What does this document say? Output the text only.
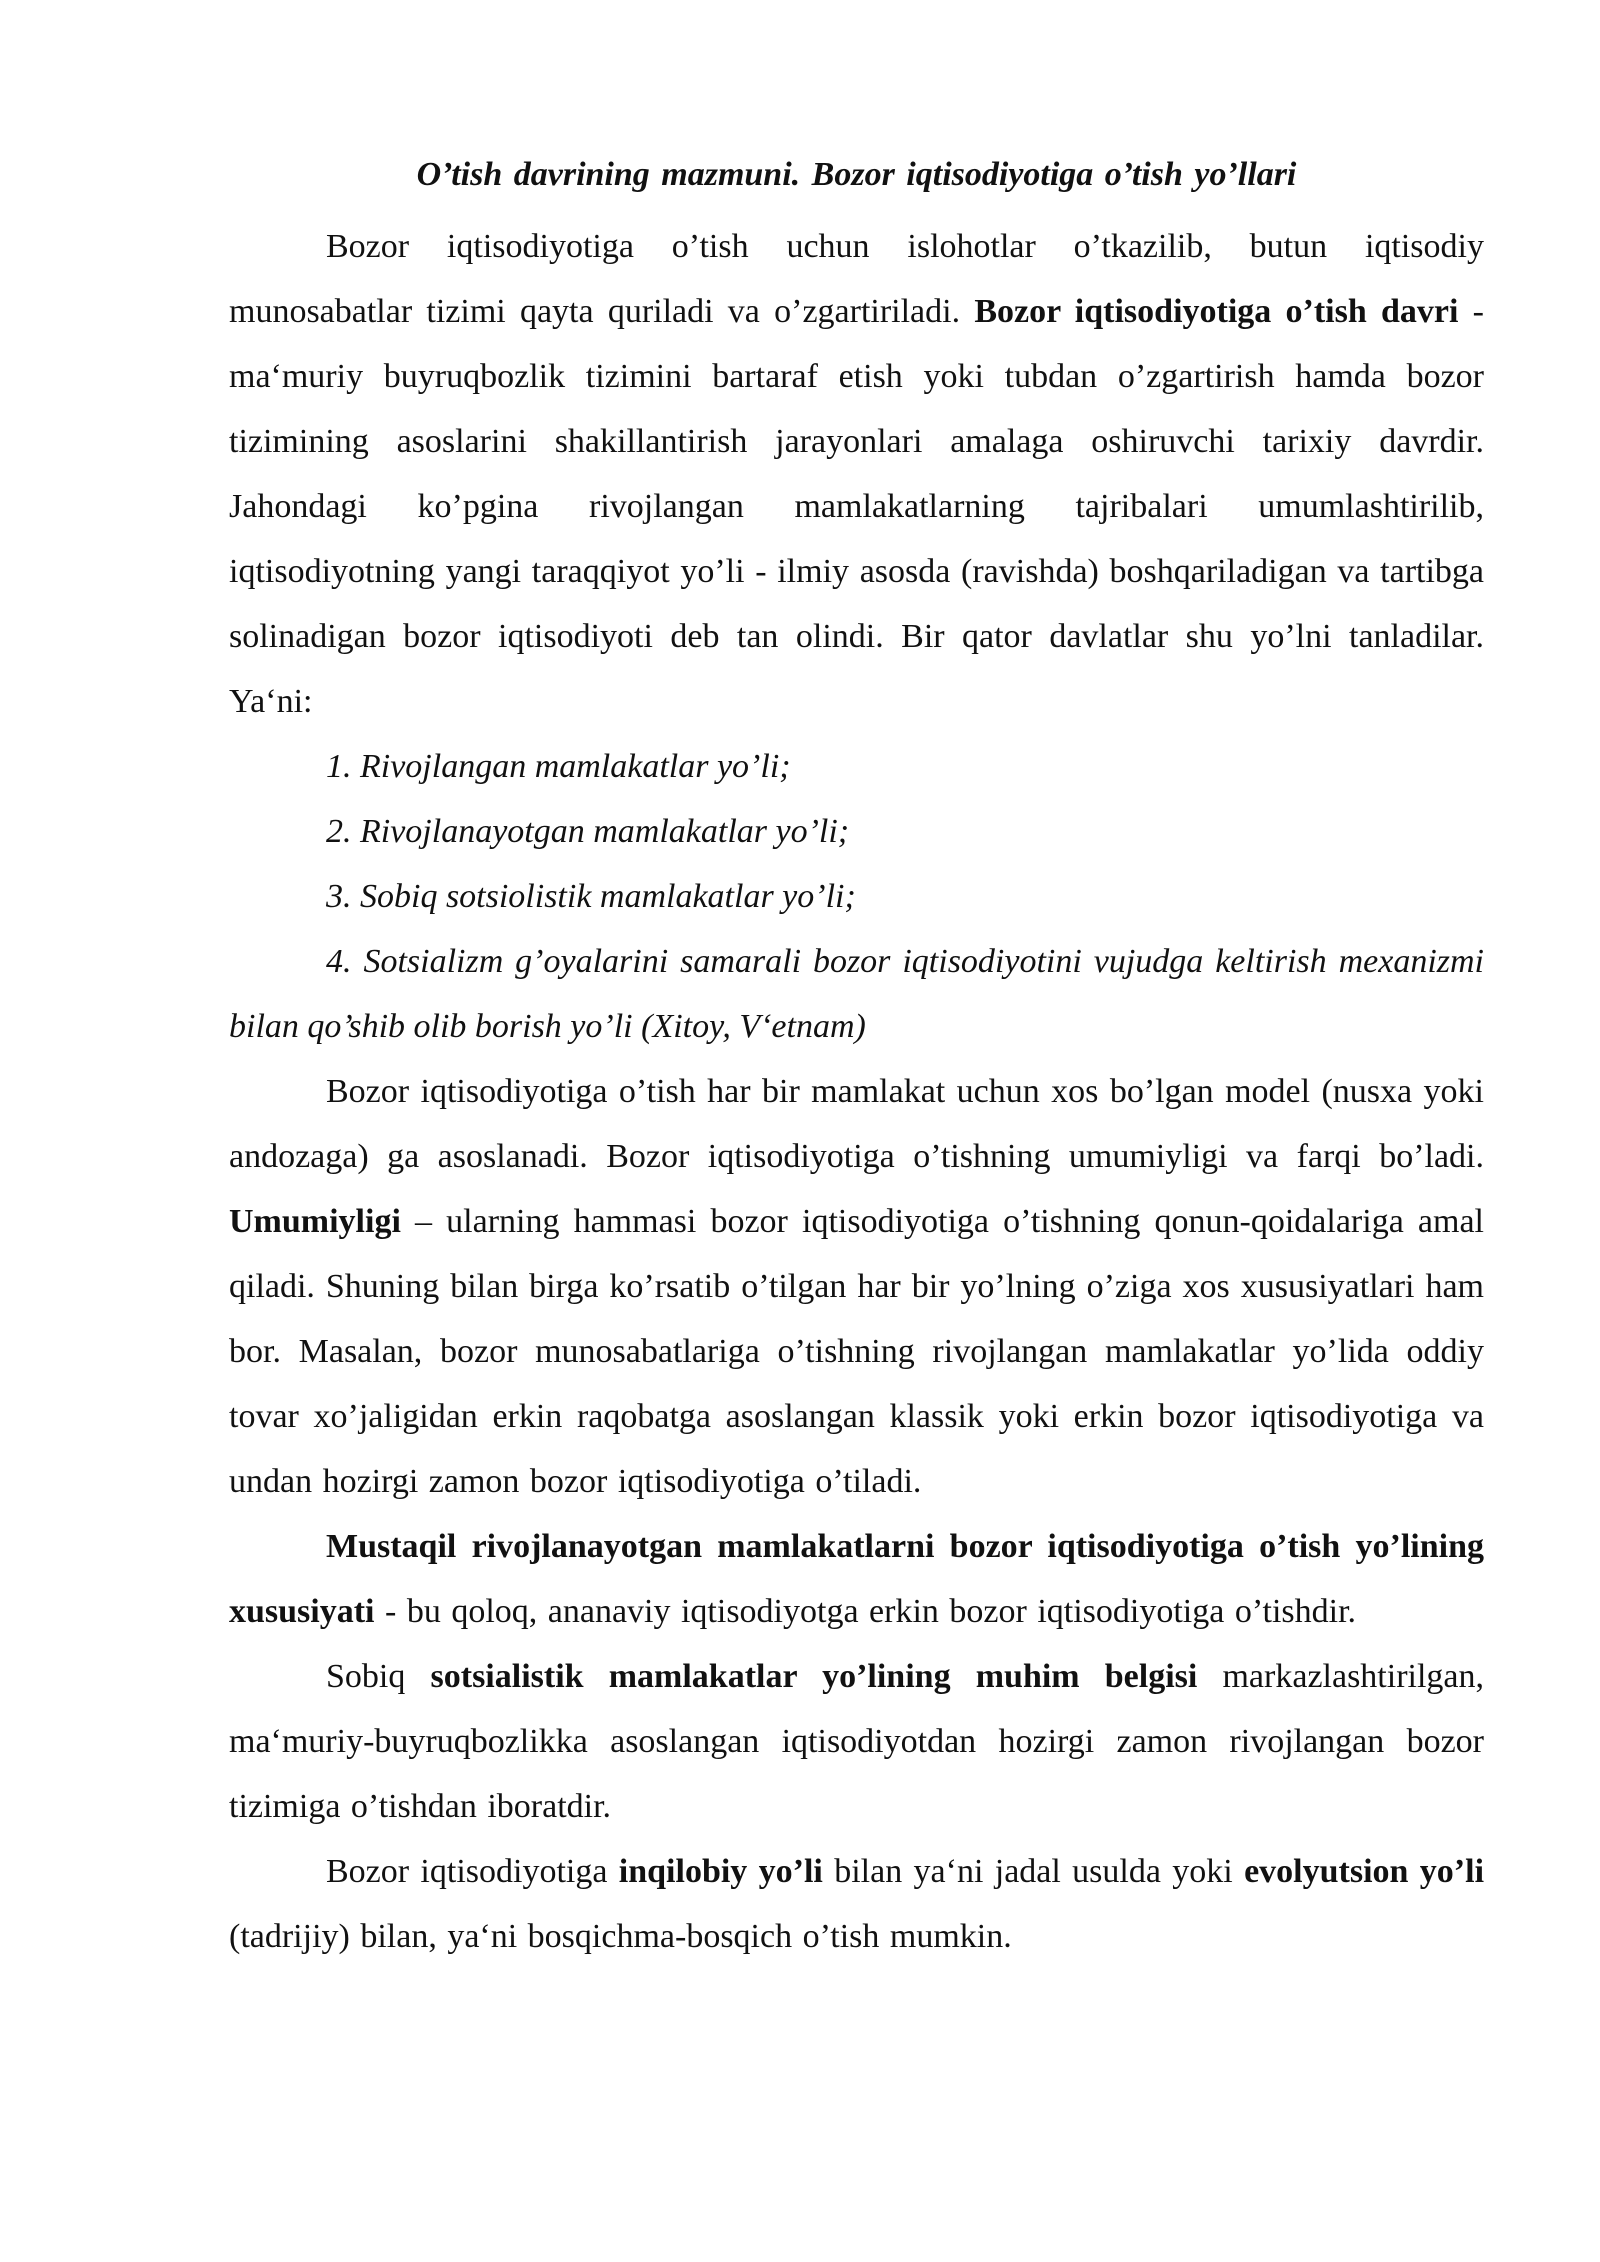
O’tish davrining mazmuni. Bozor iqtisodiyotiga o’tish yo’llari

Bozor iqtisodiyotiga o’tish uchun islohotlar o’tkazilib, butun iqtisodiy munosabatlar tizimi qayta quriladi va o’zgartiriladi. Bozor iqtisodiyotiga o’tish davri - ma‘muriy buyruqbozlik tizimini bartaraf etish yoki tubdan o’zgartirish hamda bozor tizimining asoslarini shakillantirish jarayonlari amalaga oshiruvchi tarixiy davrdir. Jahondagi ko’pgina rivojlangan mamlakatlarning tajribalari umumlashtirilib, iqtisodiyotning yangi taraqqiyot yo’li - ilmiy asosda (ravishda) boshqariladigan va tartibga solinadigan bozor iqtisodiyoti deb tan olindi. Bir qator davlatlar shu yo’lni tanladilar. Ya‘ni:

1. Rivojlangan mamlakatlar yo’li;

2. Rivojlanayotgan mamlakatlar yo’li;

3. Sobiq sotsiolistik mamlakatlar yo’li;

4. Sotsializm g’oyalarini samarali bozor iqtisodiyotini vujudga keltirish mexanizmi bilan qo’shib olib borish yo’li (Xitoy, V‘etnam)

Bozor iqtisodiyotiga o’tish har bir mamlakat uchun xos bo’lgan model (nusxa yoki andozaga) ga asoslanadi. Bozor iqtisodiyotiga o’tishning umumiyligi va farqi bo’ladi. Umumiyligi – ularning hammasi bozor iqtisodiyotiga o’tishning qonun-qoidalariga amal qiladi. Shuning bilan birga ko’rsatib o’tilgan har bir yo’lning o’ziga xos xususiyatlari ham bor. Masalan, bozor munosabatlariga o’tishning rivojlangan mamlakatlar yo’lida oddiy tovar xo’jaligidan erkin raqobatga asoslangan klassik yoki erkin bozor iqtisodiyotiga va undan hozirgi zamon bozor iqtisodiyotiga o’tiladi.

Mustaqil rivojlanayotgan mamlakatlarni bozor iqtisodiyotiga o’tish yo’lining xususiyati - bu qoloq, ananaviy iqtisodiyotga erkin bozor iqtisodiyotiga o’tishdir.

Sobiq sotsialistik mamlakatlar yo’lining muhim belgisi markazlashtirilgan, ma‘muriy-buyruqbozlikka asoslangan iqtisodiyotdan hozirgi zamon rivojlangan bozor tizimiga o’tishdan iboratdir.

Bozor iqtisodiyotiga inqilobiy yo’li bilan ya‘ni jadal usulda yoki evolyutsion yo’li (tadrijiy) bilan, ya‘ni bosqichma-bosqich o’tish mumkin.
